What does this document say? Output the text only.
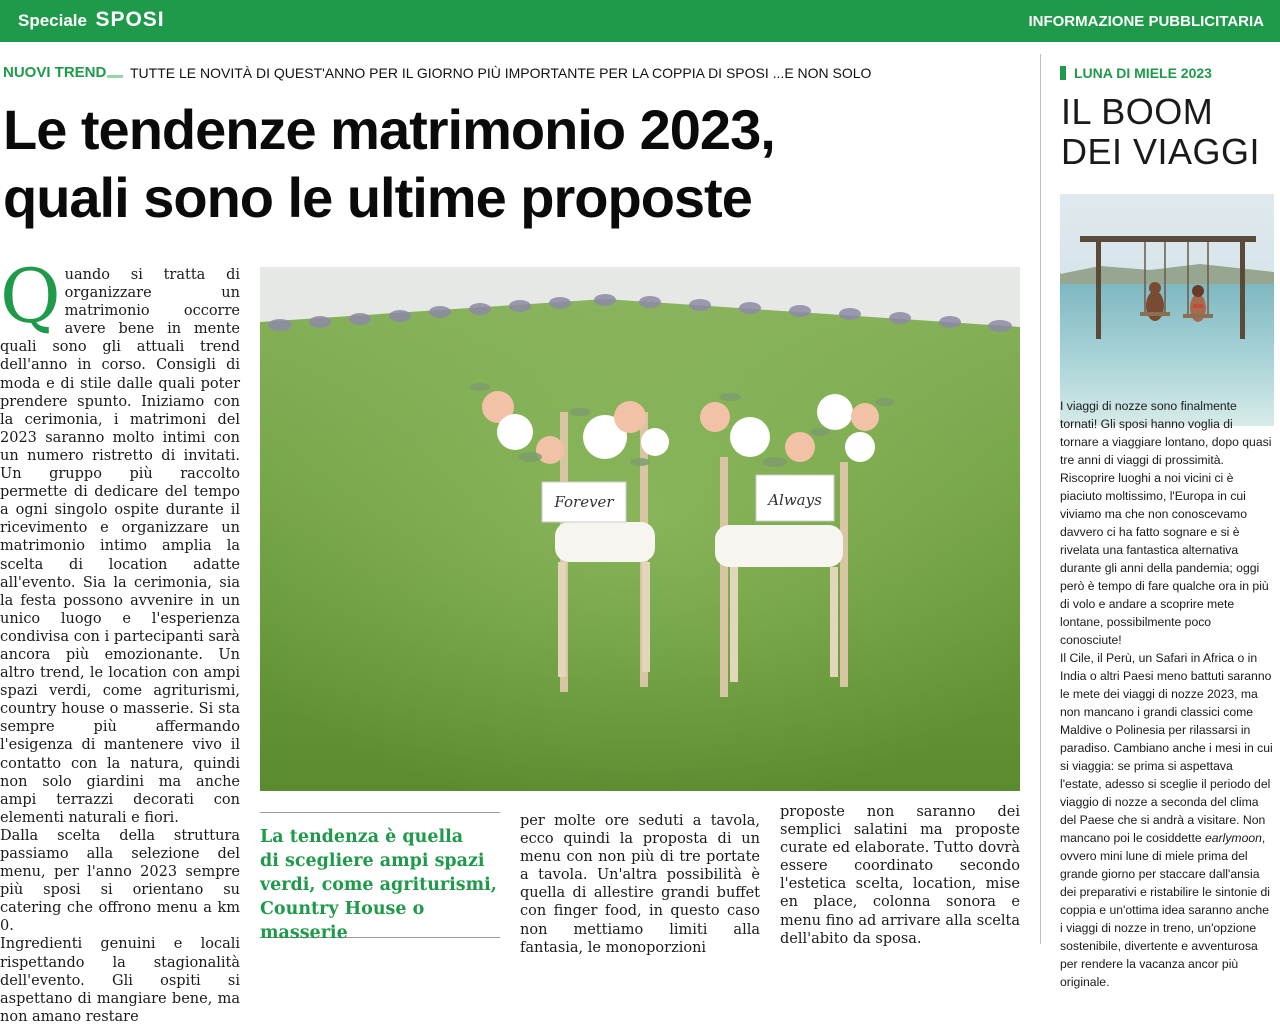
Speciale SPOSI	INFORMAZIONE PUBBLICITARIA
NUOVI TREND TUTTE LE NOVITÀ DI QUEST'ANNO PER IL GIORNO PIÙ IMPORTANTE PER LA COPPIA DI SPOSI ...E NON SOLO
Le tendenze matrimonio 2023,
quali sono le ultime proposte
Forever	Always
Q uando si tratta di organizzare un matrimonio occorre avere bene in mente quali sono gli attuali trend dell'anno in corso. Consigli di moda e di stile dalle quali poter prendere spunto. Iniziamo con la cerimonia, i matrimoni del 2023 saranno molto intimi con un numero ristretto di invitati. Un gruppo più raccolto permette di dedicare del tempo a ogni singolo ospite durante il ricevimento e organizzare un matrimonio intimo amplia la scelta di location adatte all'evento. Sia la cerimonia, sia la festa possono avvenire in un unico luogo e l'esperienza condivisa con i partecipanti sarà ancora più emozionante. Un altro trend, le location con ampi spazi verdi, come agriturismi, country house o masserie. Si sta sempre più affermando l'esigenza di mantenere vivo il contatto con la natura, quindi non solo giardini ma anche ampi terrazzi decorati con elementi naturali e fiori.

Dalla scelta della struttura passiamo alla selezione del menu, per l'anno 2023 sempre più sposi si orientano su catering che offrono menu a km 0.

Ingredienti genuini e locali rispettando la stagionalità dell'evento. Gli ospiti si aspettano di mangiare bene, ma non amano restare

La tendenza è quella
di scegliere ampi spazi
verdi, come agriturismi,
Country House o masserie

per molte ore seduti a tavola, ecco quindi la proposta di un menu con non più di tre portate a tavola. Un'altra possibilità è quella di allestire grandi buffet con finger food, in questo caso non mettiamo limiti alla fantasia, le monoporzioni

proposte non saranno dei semplici salatini ma proposte curate ed elaborate. Tutto dovrà essere coordinato secondo l'estetica scelta, location, mise en place, colonna sonora e menu fino ad arrivare alla scelta dell'abito da sposa.

LUNA DI MIELE 2023
IL BOOM
DEI VIAGGI

I viaggi di nozze sono finalmente tornati! Gli sposi hanno voglia di tornare a viaggiare lontano, dopo quasi tre anni di viaggi di prossimità. Riscoprire luoghi a noi vicini ci è piaciuto moltissimo, l'Europa in cui viviamo ma che non conoscevamo davvero ci ha fatto sognare e si è rivelata una fantastica alternativa durante gli anni della pandemia; oggi però è tempo di fare qualche ora in più di volo e andare a scoprire mete lontane, possibilmente poco conosciute!

Il Cile, il Perù, un Safari in Africa o in India o altri Paesi meno battuti saranno le mete dei viaggi di nozze 2023, ma non mancano i grandi classici come Maldive o Polinesia per rilassarsi in paradiso. Cambiano anche i mesi in cui si viaggia: se prima si aspettava l'estate, adesso si sceglie il periodo del viaggio di nozze a seconda del clima del Paese che si andrà a visitare. Non mancano poi le cosiddette earlymoon, ovvero mini lune di miele prima del grande giorno per staccare dall'ansia dei preparativi e ristabilire le sintonie di coppia e un'ottima idea saranno anche i viaggi di nozze in treno, un'opzione sostenibile, divertente e avventurosa per rendere la vacanza ancor più originale.
